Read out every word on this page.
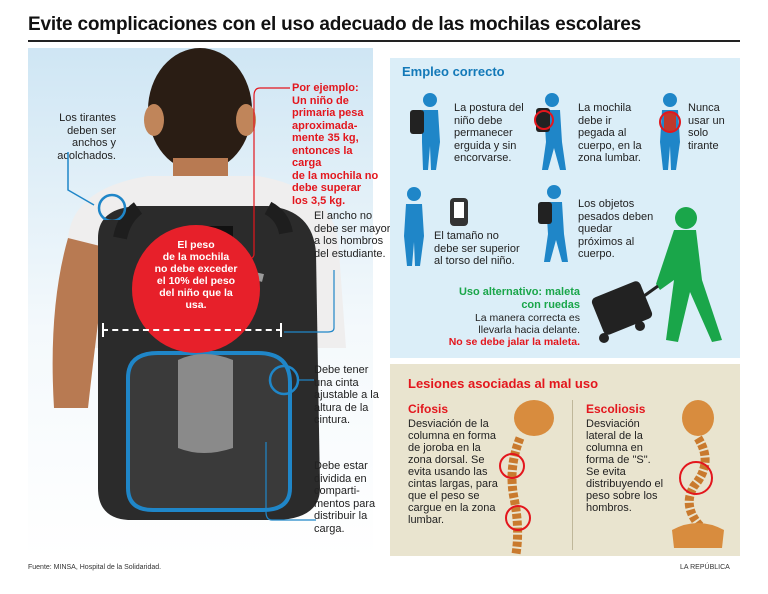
Evite complicaciones con el uso adecuado de las mochilas escolares
Los tirantes deben ser anchos y acolchados.
Por ejemplo:
Un niño de
primaria pesa
aproximada-
mente 35 kg,
entonces la carga
de la mochila no
debe superar
los 3,5 kg.
El peso
de la mochila
no debe exceder
el 10% del peso
del niño que la
usa.
El ancho no debe ser mayor a los hombros del estudiante.
Debe tener una cinta ajustable a la altura de la cintura.
Debe estar dividida en comparti- mentos para distribuir la carga.
Empleo correcto
La postura del niño debe permanecer erguida y sin encorvarse.
La mochila debe ir pegada al cuerpo, en la zona lumbar.
Nunca usar un solo tirante
El tamaño no debe ser superior al torso del niño.
Los objetos pesados deben quedar próximos al cuerpo.
Uso alternativo: maleta
con ruedas
La manera correcta es
llevarla hacia delante.
No se debe jalar la maleta.
Lesiones asociadas al mal uso
Cifosis
Desviación de la columna en forma de joroba en la zona dorsal. Se evita usando las cintas largas, para que el peso se cargue en la zona lumbar.
Escoliosis
Desviación lateral de la columna en forma de "S". Se evita distribuyendo el peso sobre los hombros.
Fuente: MINSA, Hospital de la Solidaridad.	LA REPÚBLICA
